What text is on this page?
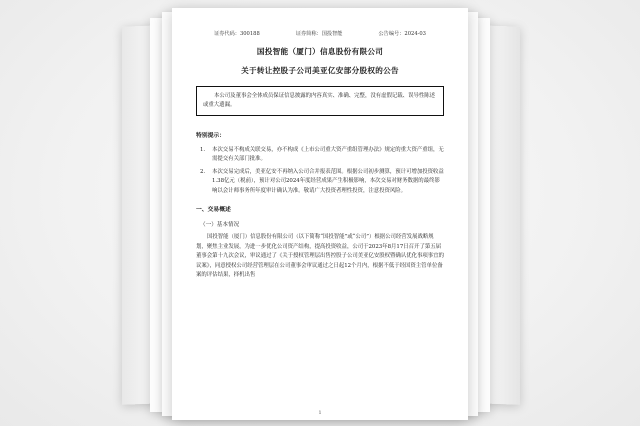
证券代码：300188	证券简称：国投智能	公告编号：2024-03
国投智能（厦门）信息股份有限公司
关于转让控股子公司美亚亿安部分股权的公告
本公司及董事会全体成员保证信息披露的内容真实、准确、完整，没有虚假记载、误导性陈述或重大遗漏。
特别提示：
1.	本次交易不构成关联交易，亦不构成《上市公司重大资产重组管理办法》规定的重大资产重组，无需提交有关部门批准。
2.	本次交易完成后，美亚亿安不再纳入公司合并报表范围。根据公司初步测算，预计可增加投资收益1.38亿元（税前），预计对公司2024年度经营成果产生积极影响，本次交易对财务数据的最终影响以会计师事务所年度审计确认为准。敬请广大投资者理性投资，注意投资风险。
一、交易概述
（一）基本情况
国投智能（厦门）信息股份有限公司（以下简称“国投智能”或“公司”）根据公司经营发展战略规划，聚焦主业发展，为进一步优化公司资产结构，提高投资收益，公司于2023年8月17日召开了第五届董事会第十九次会议，审议通过了《关于授权管理层出售控股子公司美亚亿安股权暨确认优化事项事宜的议案》，同意授权公司经营管理层在公司董事会审议通过之日起12个月内，根据不低于经国资主管单位备案的评估结果，择机出售
1
